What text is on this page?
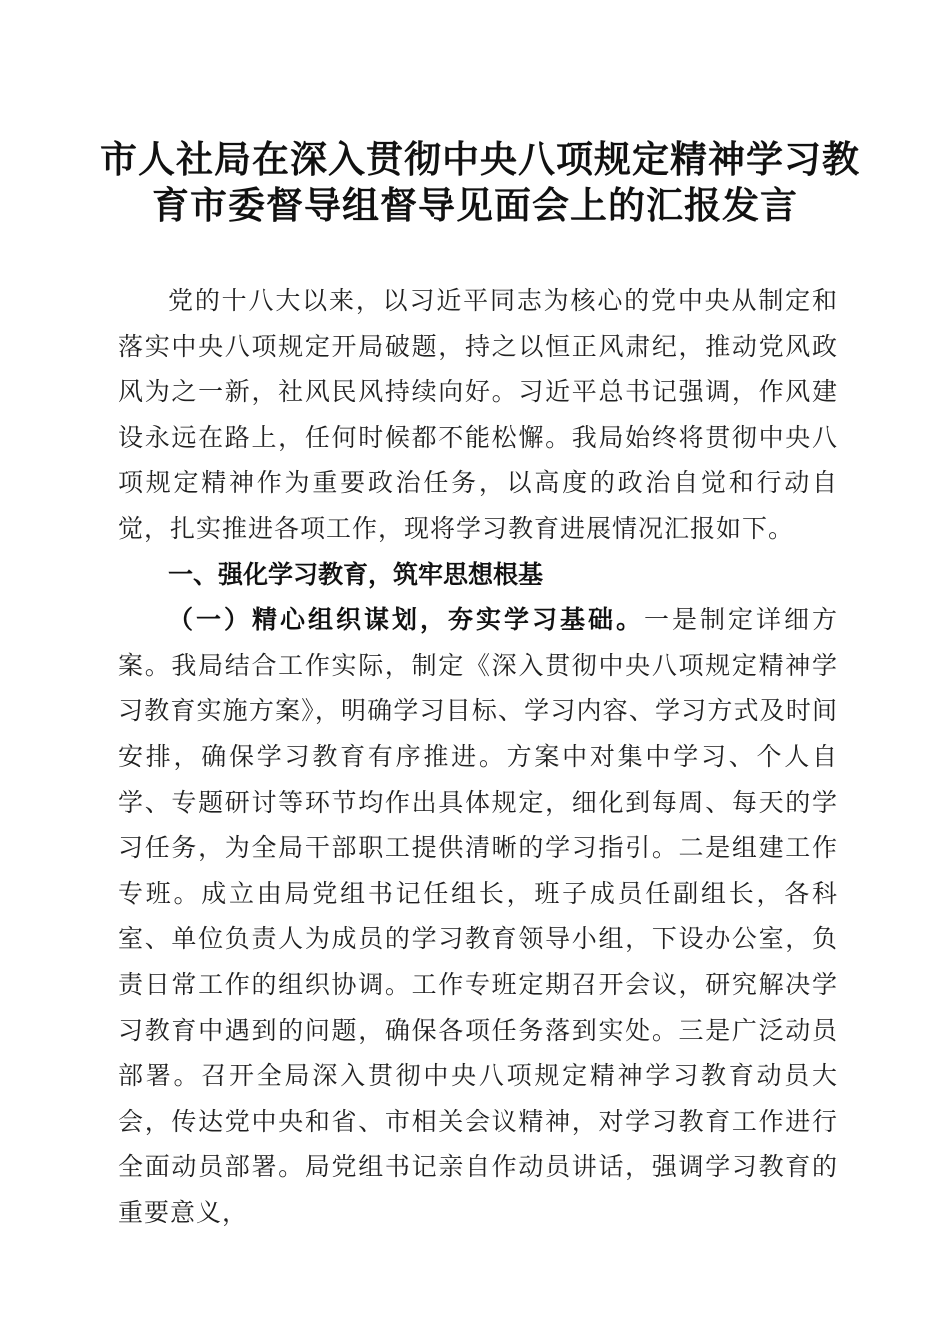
市人社局在深入贯彻中央八项规定精神学习教
育市委督导组督导见面会上的汇报发言

党的十八大以来，以习近平同志为核心的党中央从制定和落实中央八项规定开局破题，持之以恒正风肃纪，推动党风政风为之一新，社风民风持续向好。习近平总书记强调，作风建设永远在路上，任何时候都不能松懈。我局始终将贯彻中央八项规定精神作为重要政治任务，以高度的政治自觉和行动自觉，扎实推进各项工作，现将学习教育进展情况汇报如下。

一、强化学习教育，筑牢思想根基

（一）精心组织谋划，夯实学习基础。一是制定详细方案。我局结合工作实际，制定《深入贯彻中央八项规定精神学习教育实施方案》，明确学习目标、学习内容、学习方式及时间安排，确保学习教育有序推进。方案中对集中学习、个人自学、专题研讨等环节均作出具体规定，细化到每周、每天的学习任务，为全局干部职工提供清晰的学习指引。二是组建工作专班。成立由局党组书记任组长，班子成员任副组长，各科室、单位负责人为成员的学习教育领导小组，下设办公室，负责日常工作的组织协调。工作专班定期召开会议，研究解决学习教育中遇到的问题，确保各项任务落到实处。三是广泛动员部署。召开全局深入贯彻中央八项规定精神学习教育动员大会，传达党中央和省、市相关会议精神，对学习教育工作进行全面动员部署。局党组书记亲自作动员讲话，强调学习教育的重要意义，
